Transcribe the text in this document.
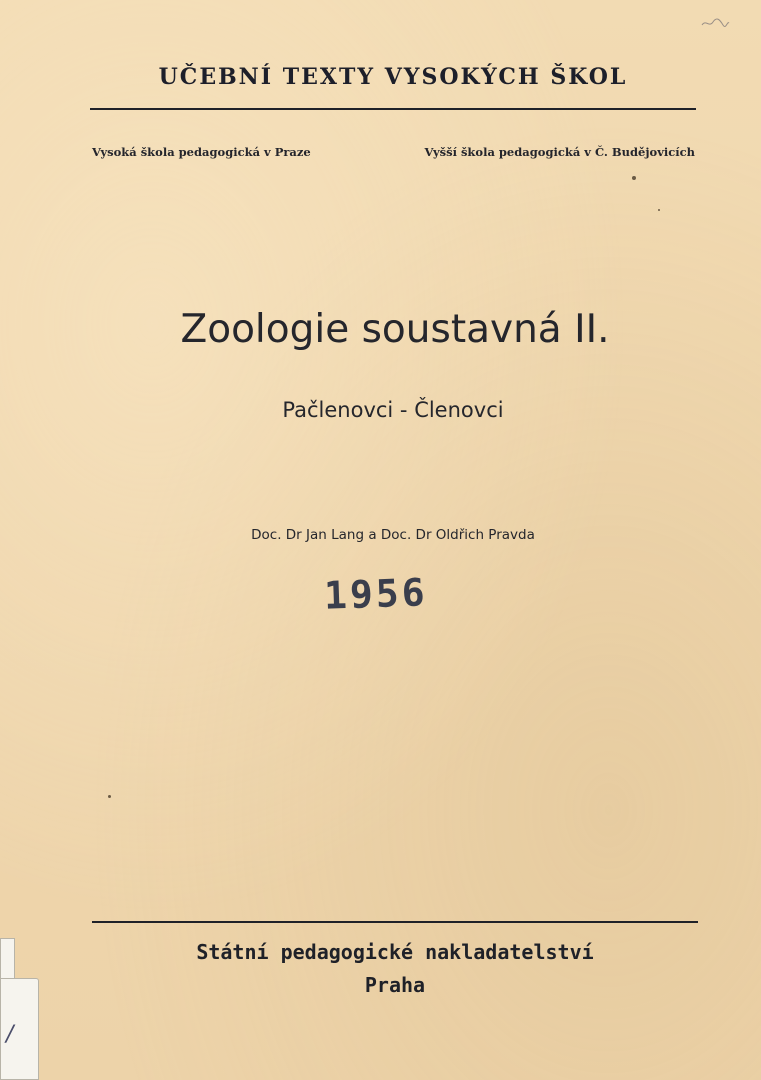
UČEBNÍ TEXTY VYSOKÝCH ŠKOL
Vysoká škola pedagogická v Praze	Vyšší škola pedagogická v Č. Budějovicích
Zoologie soustavná II.
Pačlenovci - Členovci
Doc. Dr Jan Lang a Doc. Dr Oldřich Pravda
1956
Státní pedagogické nakladatelství
Praha
/
